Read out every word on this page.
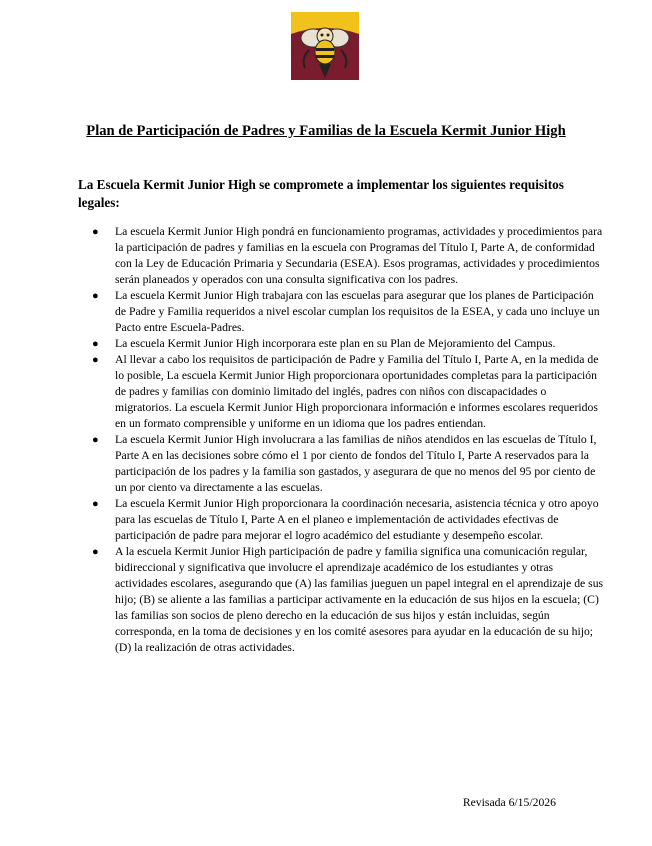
Plan de Participación de Padres y Familias de la Escuela Kermit Junior High

La Escuela Kermit Junior High se compromete a implementar los siguientes requisitos legales:

● La escuela Kermit Junior High pondrá en funcionamiento programas, actividades y procedimientos para la participación de padres y familias en la escuela con Programas del Título I, Parte A, de conformidad con la Ley de Educación Primaria y Secundaria (ESEA). Esos programas, actividades y procedimientos serán planeados y operados con una consulta significativa con los padres.
● La escuela Kermit Junior High trabajara con las escuelas para asegurar que los planes de Participación de Padre y Familia requeridos a nivel escolar cumplan los requisitos de la ESEA, y cada uno incluye un Pacto entre Escuela-Padres.
● La escuela Kermit Junior High incorporara este plan en su Plan de Mejoramiento del Campus.
● Al llevar a cabo los requisitos de participación de Padre y Familia del Título I, Parte A, en la medida de lo posible, La escuela Kermit Junior High proporcionara oportunidades completas para la participación de padres y familias con dominio limitado del inglés, padres con niños con discapacidades o migratorios. La escuela Kermit Junior High proporcionara información e informes escolares requeridos en un formato comprensible y uniforme en un idioma que los padres entiendan.
● La escuela Kermit Junior High involucrara a las familias de niños atendidos en las escuelas de Título I, Parte A en las decisiones sobre cómo el 1 por ciento de fondos del Título I, Parte A reservados para la participación de los padres y la familia son gastados, y asegurara de que no menos del 95 por ciento de un por ciento va directamente a las escuelas.
● La escuela Kermit Junior High proporcionara la coordinación necesaria, asistencia técnica y otro apoyo para las escuelas de Título I, Parte A en el planeo e implementación de actividades efectivas de participación de padre para mejorar el logro académico del estudiante y desempeño escolar.
● A la escuela Kermit Junior High participación de padre y familia significa una comunicación regular, bidireccional y significativa que involucre el aprendizaje académico de los estudiantes y otras actividades escolares, asegurando que (A) las familias jueguen un papel integral en el aprendizaje de sus hijo; (B) se aliente a las familias a participar activamente en la educación de sus hijos en la escuela; (C) las familias son socios de pleno derecho en la educación de sus hijos y están incluidas, según corresponda, en la toma de decisiones y en los comité asesores para ayudar en la educación de su hijo; (D) la realización de otras actividades.
Revisada 6/15/2026
